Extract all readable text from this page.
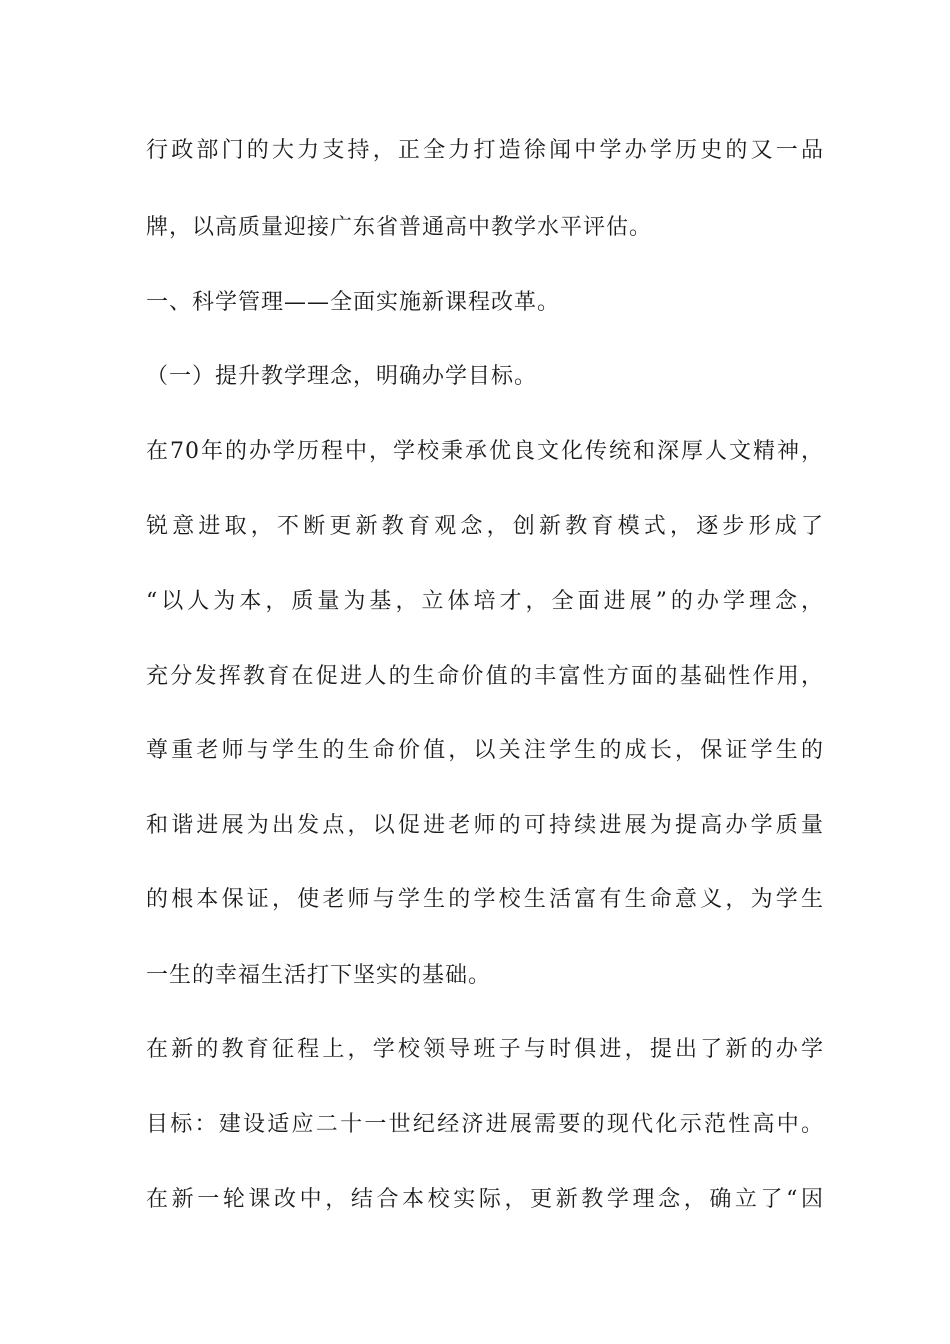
行政部门的大力支持，正全力打造徐闻中学办学历史的又一品
牌，以高质量迎接广东省普通高中教学水平评估。
一、科学管理——全面实施新课程改革。
（一）提升教学理念，明确办学目标。
在70年的办学历程中，学校秉承优良文化传统和深厚人文精神，
锐意进取，不断更新教育观念，创新教育模式，逐步形成了
“以人为本，质量为基，立体培才，全面进展”的办学理念，
充分发挥教育在促进人的生命价值的丰富性方面的基础性作用，
尊重老师与学生的生命价值，以关注学生的成长，保证学生的
和谐进展为出发点，以促进老师的可持续进展为提高办学质量
的根本保证，使老师与学生的学校生活富有生命意义，为学生
一生的幸福生活打下坚实的基础。
在新的教育征程上，学校领导班子与时俱进，提出了新的办学
目标：建设适应二十一世纪经济进展需要的现代化示范性高中。
在新一轮课改中，结合本校实际，更新教学理念，确立了“因
